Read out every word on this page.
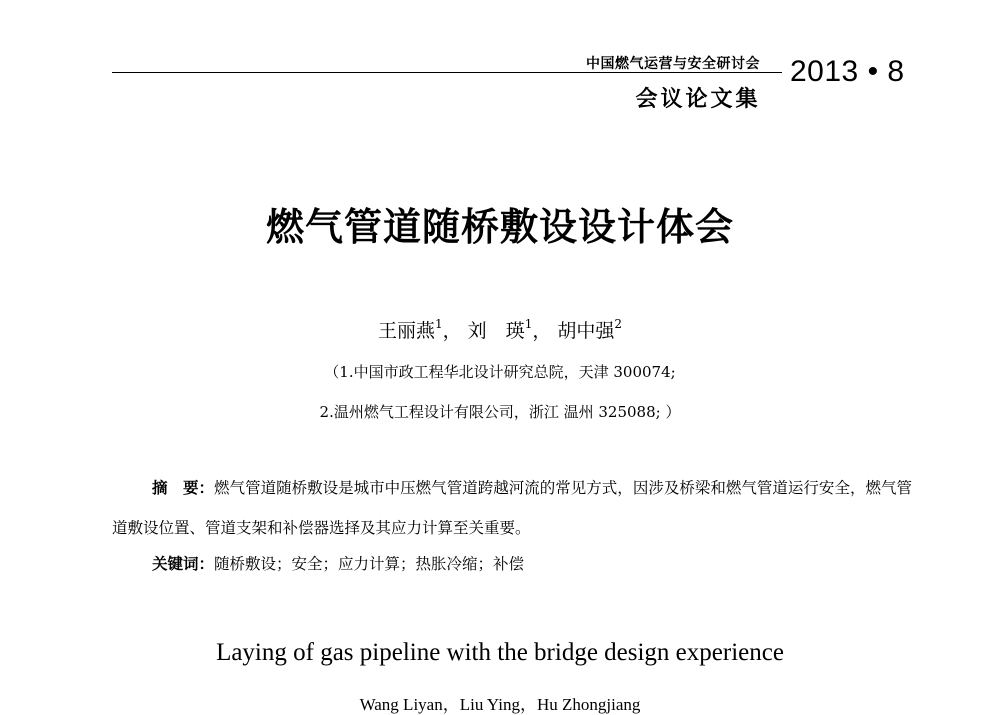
中国燃气运营与安全研讨会	2013 • 8
会议论文集
燃气管道随桥敷设设计体会
王丽燕$^1$， 刘　瑛$^1$， 胡中强$^2$
（1.中国市政工程华北设计研究总院，天津 300074;
2.温州燃气工程设计有限公司，浙江 温州 325088; ）

摘　要：燃气管道随桥敷设是城市中压燃气管道跨越河流的常见方式，因涉及桥梁和燃气管道运行安全，燃气管道敷设位置、管道支架和补偿器选择及其应力计算至关重要。

关键词：随桥敷设；安全；应力计算；热胀冷缩；补偿
Laying of gas pipeline with the bridge design experience
Wang Liyan，Liu Ying，Hu Zhongjiang
